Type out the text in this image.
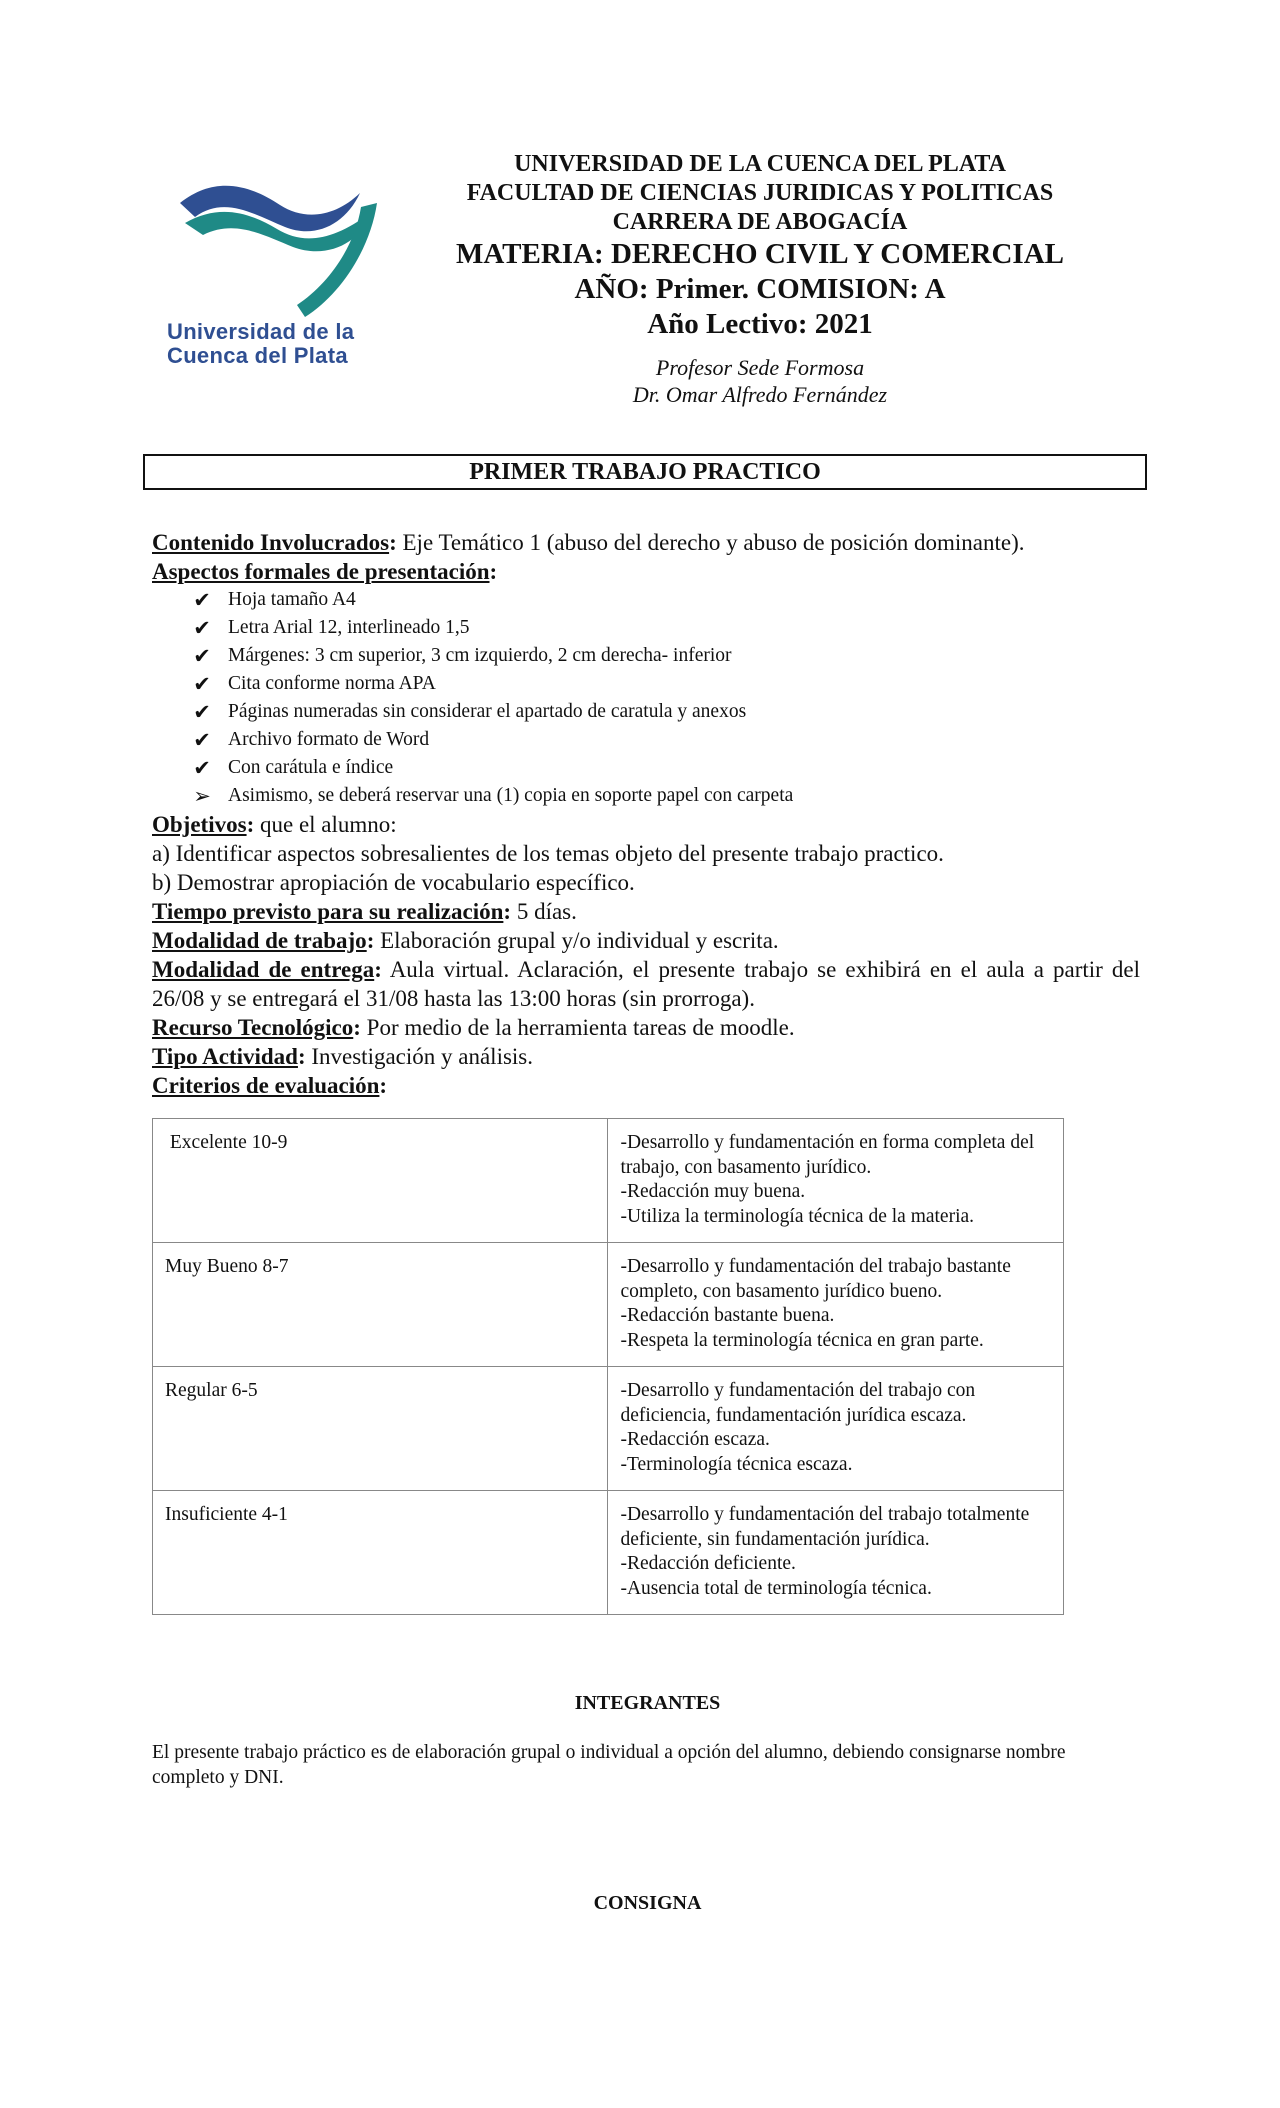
Universidad de la
Cuenca del Plata
UNIVERSIDAD DE LA CUENCA DEL PLATA
FACULTAD DE CIENCIAS JURIDICAS Y POLITICAS
CARRERA DE ABOGACÍA
MATERIA: DERECHO CIVIL Y COMERCIAL
AÑO: Primer. COMISION: A
Año Lectivo: 2021
Profesor Sede Formosa
Dr. Omar Alfredo Fernández
PRIMER TRABAJO PRACTICO

Contenido Involucrados: Eje Temático 1 (abuso del derecho y abuso de posición dominante).

Aspectos formales de presentación:

✔ Hoja tamaño A4
✔ Letra Arial 12, interlineado 1,5
✔ Márgenes: 3 cm superior, 3 cm izquierdo, 2 cm derecha- inferior
✔ Cita conforme norma APA
✔ Páginas numeradas sin considerar el apartado de caratula y anexos
✔ Archivo formato de Word
✔ Con carátula e índice
➢ Asimismo, se deberá reservar una (1) copia en soporte papel con carpeta

Objetivos: que el alumno:

a) Identificar aspectos sobresalientes de los temas objeto del presente trabajo practico.

b) Demostrar apropiación de vocabulario específico.

Tiempo previsto para su realización: 5 días.

Modalidad de trabajo: Elaboración grupal y/o individual y escrita.

Modalidad de entrega: Aula virtual. Aclaración, el presente trabajo se exhibirá en el aula a partir del 26/08 y se entregará el 31/08 hasta las 13:00 horas (sin prorroga).

Recurso Tecnológico: Por medio de la herramienta tareas de moodle.

Tipo Actividad: Investigación y análisis.

Criterios de evaluación:

Excelente 10-9	-Desarrollo y fundamentación en forma completa del trabajo, con basamento jurídico.
-Redacción muy buena.
-Utiliza la terminología técnica de la materia.

Muy Bueno 8-7	-Desarrollo y fundamentación del trabajo bastante completo, con basamento jurídico bueno.
-Redacción bastante buena.
-Respeta la terminología técnica en gran parte.

Regular 6-5	-Desarrollo y fundamentación del trabajo con deficiencia, fundamentación jurídica escaza.
-Redacción escaza.
-Terminología técnica escaza.

Insuficiente 4-1	-Desarrollo y fundamentación del trabajo totalmente deficiente, sin fundamentación jurídica.
-Redacción deficiente.
-Ausencia total de terminología técnica.
INTEGRANTES
El presente trabajo práctico es de elaboración grupal o individual a opción del alumno, debiendo consignarse nombre completo y DNI.
CONSIGNA
